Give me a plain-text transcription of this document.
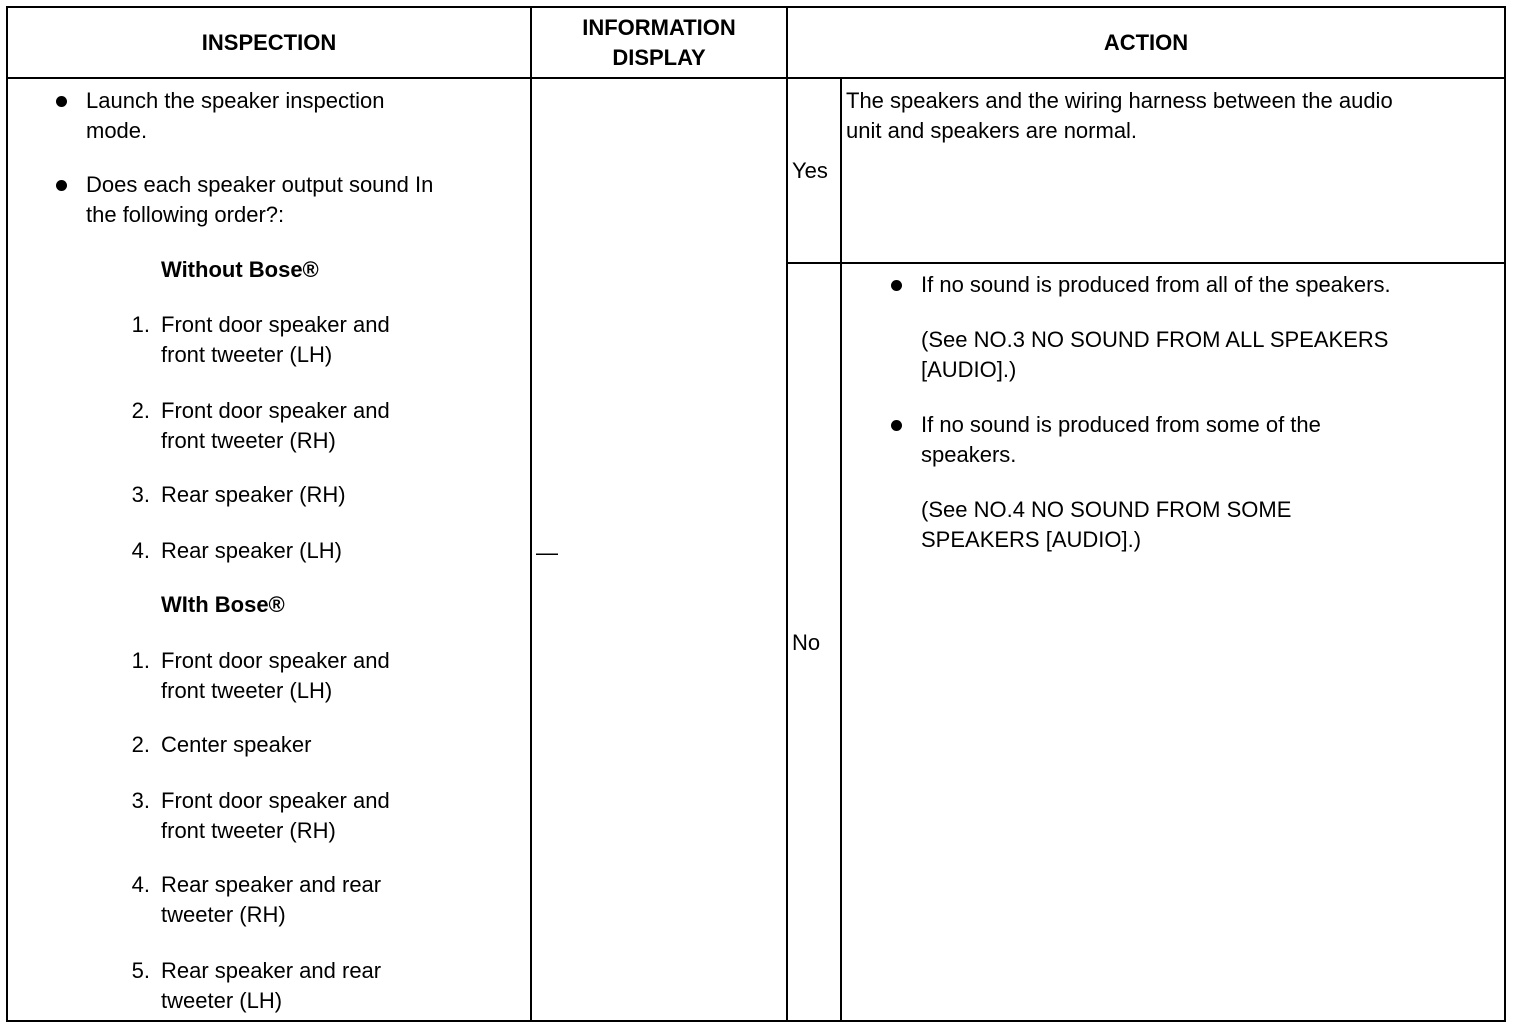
INSPECTION
INFORMATION
DISPLAY
ACTION
Launch the speaker inspection
mode.
Does each speaker output sound In
the following order?:
Without Bose®
1. Front door speaker and
front tweeter (LH)
2. Front door speaker and
front tweeter (RH)
3. Rear speaker (RH)
4. Rear speaker (LH)
WIth Bose®
1. Front door speaker and
front tweeter (LH)
2. Center speaker
3. Front door speaker and
front tweeter (RH)
4. Rear speaker and rear
tweeter (RH)
5. Rear speaker and rear
tweeter (LH)
—
Yes
The speakers and the wiring harness between the audio
unit and speakers are normal.
No
If no sound is produced from all of the speakers.
(See NO.3 NO SOUND FROM ALL SPEAKERS
[AUDIO].)
If no sound is produced from some of the
speakers.
(See NO.4 NO SOUND FROM SOME
SPEAKERS [AUDIO].)
